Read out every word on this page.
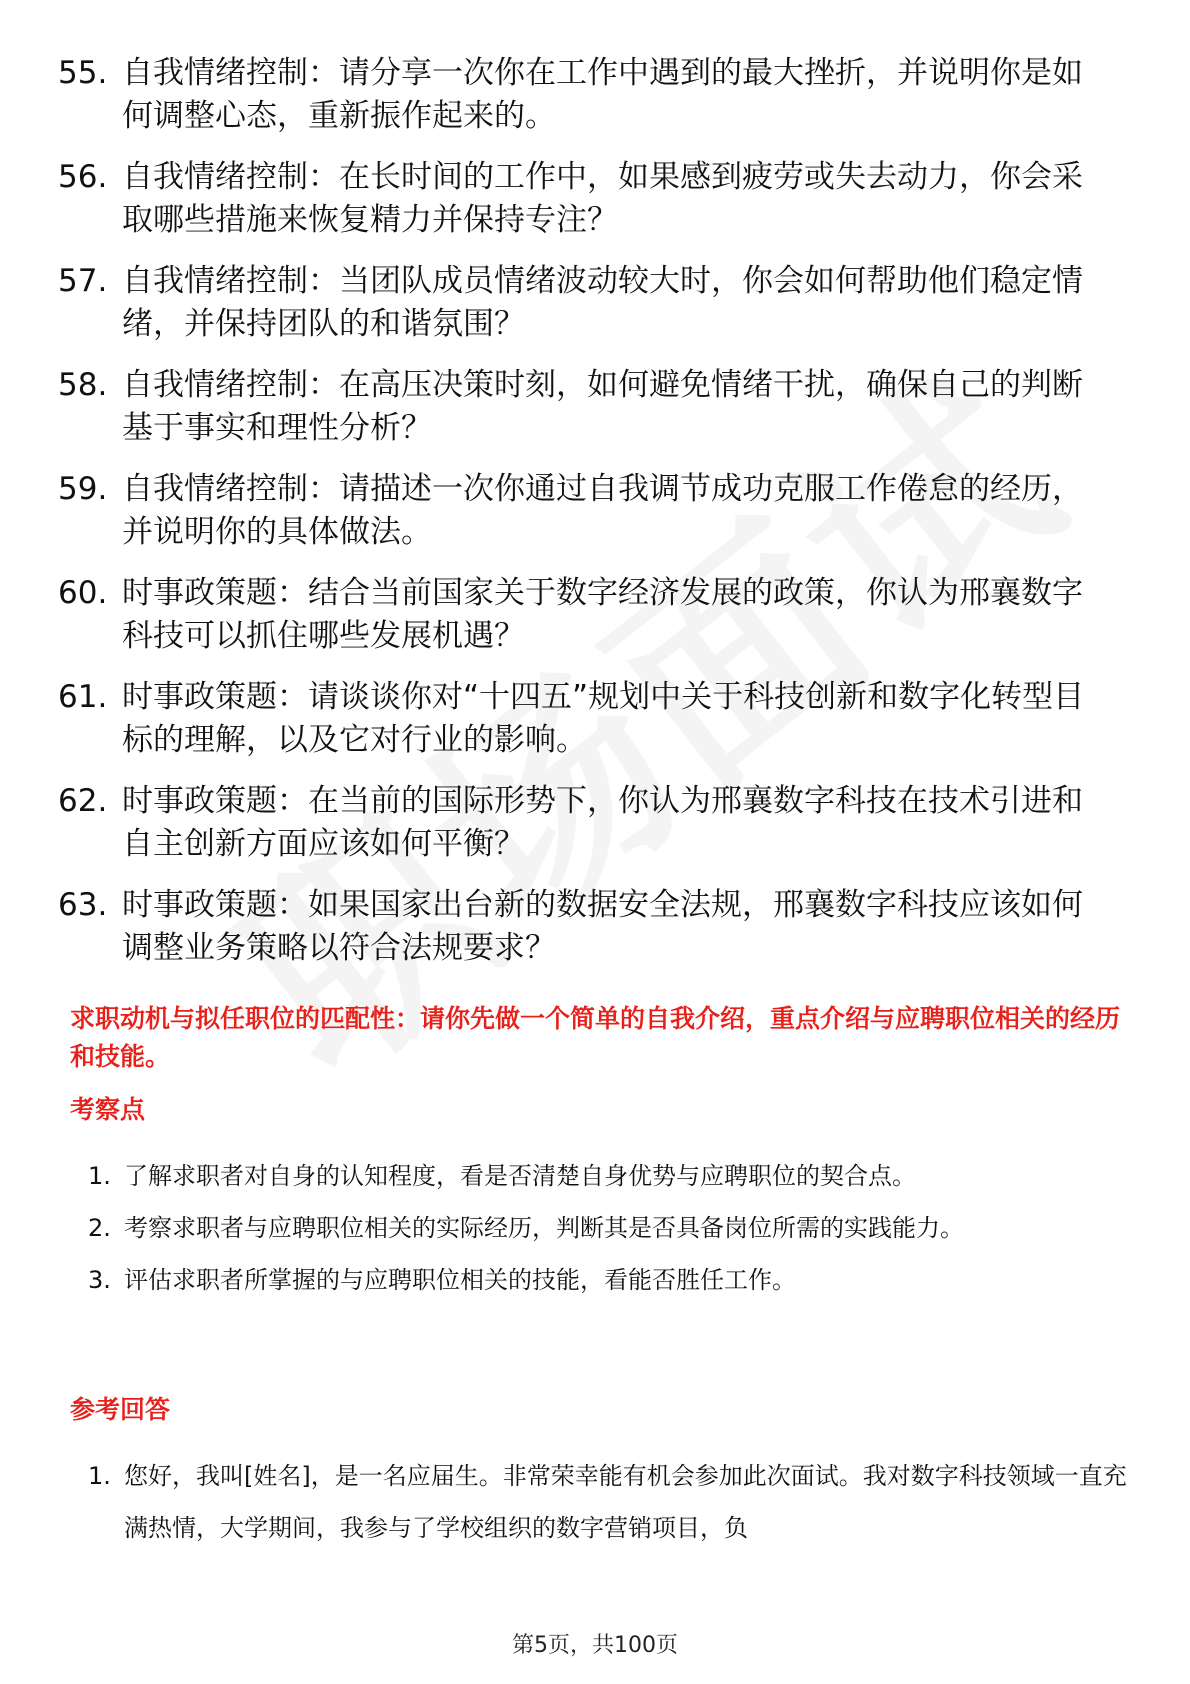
55. 自我情绪控制：请分享一次你在工作中遇到的最大挫折，并说明你是如何调整心态，重新振作起来的。
56. 自我情绪控制：在长时间的工作中，如果感到疲劳或失去动力，你会采取哪些措施来恢复精力并保持专注？
57. 自我情绪控制：当团队成员情绪波动较大时，你会如何帮助他们稳定情绪，并保持团队的和谐氛围？
58. 自我情绪控制：在高压决策时刻，如何避免情绪干扰，确保自己的判断基于事实和理性分析？
59. 自我情绪控制：请描述一次你通过自我调节成功克服工作倦怠的经历，并说明你的具体做法。
60. 时事政策题：结合当前国家关于数字经济发展的政策，你认为邢襄数字科技可以抓住哪些发展机遇？
61. 时事政策题：请谈谈你对“十四五”规划中关于科技创新和数字化转型目标的理解，以及它对行业的影响。
62. 时事政策题：在当前的国际形势下，你认为邢襄数字科技在技术引进和自主创新方面应该如何平衡？
63. 时事政策题：如果国家出台新的数据安全法规，邢襄数字科技应该如何调整业务策略以符合法规要求？

求职动机与拟任职位的匹配性：请你先做一个简单的自我介绍，重点介绍与应聘职位相关的经历和技能。

考察点

1. 了解求职者对自身的认知程度，看是否清楚自身优势与应聘职位的契合点。
2. 考察求职者与应聘职位相关的实际经历，判断其是否具备岗位所需的实践能力。
3. 评估求职者所掌握的与应聘职位相关的技能，看能否胜任工作。

参考回答

1. 您好，我叫[姓名]，是一名应届生。非常荣幸能有机会参加此次面试。我对数字科技领域一直充满热情，大学期间，我参与了学校组织的数字营销项目，负
第5页，共100页
